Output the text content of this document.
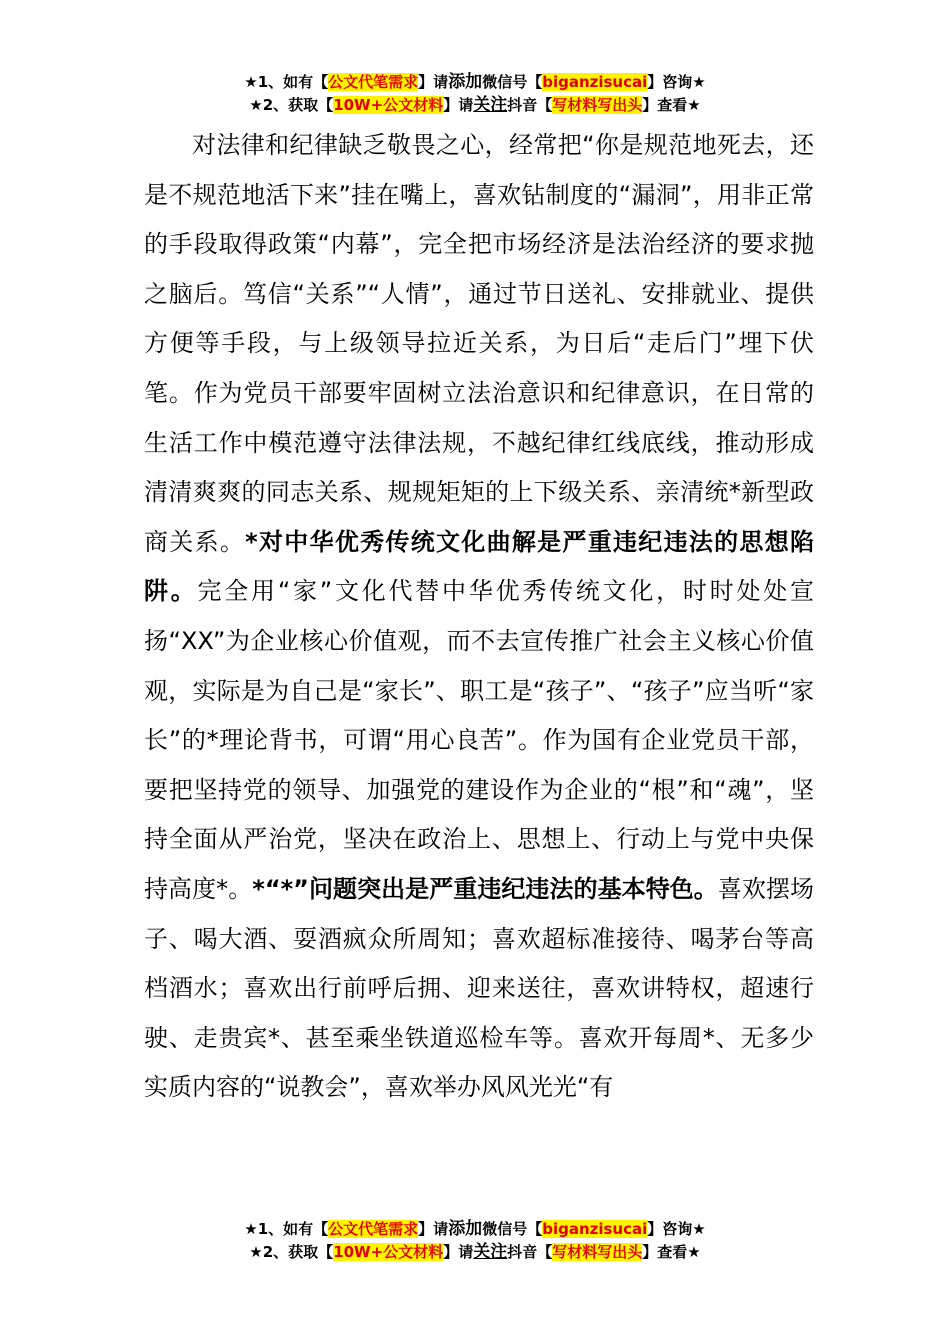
★1、如有【公文代笔需求】请添加微信号【biganzisucai】咨询★
★2、获取【10W+公文材料】请关注抖音【写材料写出头】查看★

对法律和纪律缺乏敬畏之心，经常把“你是规范地死去，还是不规范地活下来”挂在嘴上，喜欢钻制度的“漏洞”，用非正常的手段取得政策“内幕”，完全把市场经济是法治经济的要求抛之脑后。笃信“关系”“人情”，通过节日送礼、安排就业、提供方便等手段，与上级领导拉近关系，为日后“走后门”埋下伏笔。作为党员干部要牢固树立法治意识和纪律意识，在日常的生活工作中模范遵守法律法规，不越纪律红线底线，推动形成清清爽爽的同志关系、规规矩矩的上下级关系、亲清统*新型政商关系。*对中华优秀传统文化曲解是严重违纪违法的思想陷阱。完全用“家”文化代替中华优秀传统文化，时时处处宣扬“XX”为企业核心价值观，而不去宣传推广社会主义核心价值观，实际是为自己是“家长”、职工是“孩子”、“孩子”应当听“家长”的*理论背书，可谓“用心良苦”。作为国有企业党员干部，要把坚持党的领导、加强党的建设作为企业的“根”和“魂”，坚持全面从严治党，坚决在政治上、思想上、行动上与党中央保持高度*。*“*”问题突出是严重违纪违法的基本特色。喜欢摆场子、喝大酒、耍酒疯众所周知；喜欢超标准接待、喝茅台等高档酒水；喜欢出行前呼后拥、迎来送往，喜欢讲特权，超速行驶、走贵宾*、甚至乘坐铁道巡检车等。喜欢开每周*、无多少实质内容的“说教会”，喜欢举办风风光光“有

★1、如有【公文代笔需求】请添加微信号【biganzisucai】咨询★
★2、获取【10W+公文材料】请关注抖音【写材料写出头】查看★
